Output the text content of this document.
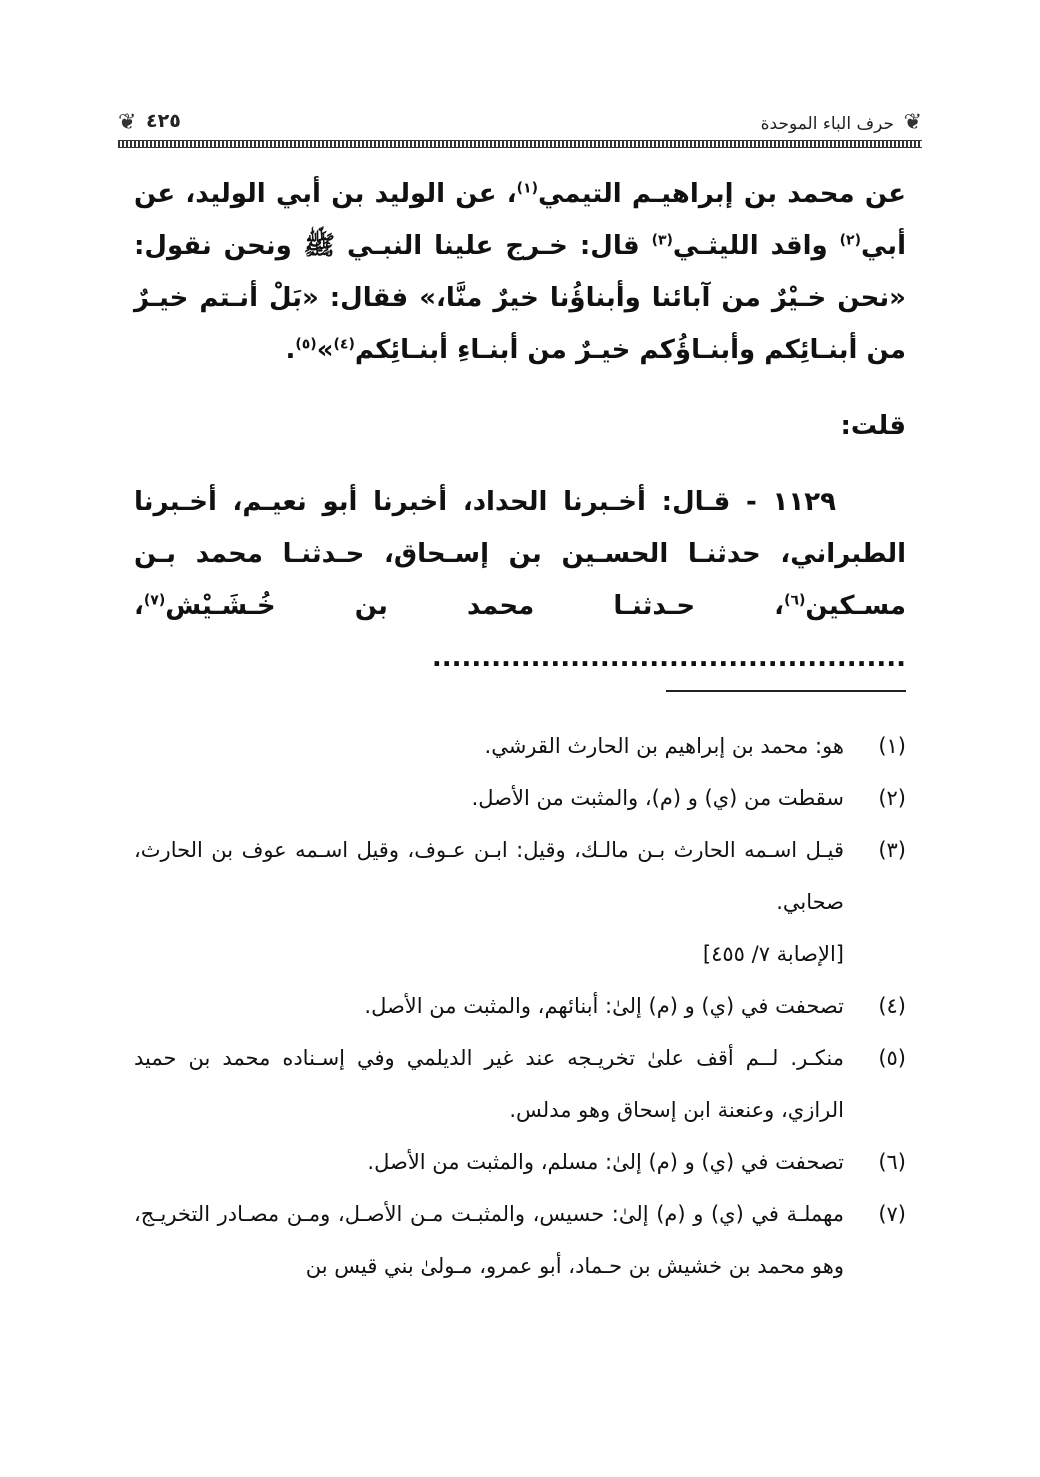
❦
حرف الباء الموحدة
٤٢٥
❦

عن محمد بن إبراهيـم التيمي$^{(١)}$، عن الوليد بن أبي الوليد، عن أبي$^{(٢)}$ واقد الليثـي$^{(٣)}$ قال: خـرج علينا النبـي ﷺ ونحن نقول: «نحن خـيْرٌ من آبائنا وأبناؤُنا خيرٌ منَّا،» فقال: «بَلْ أنـتم خيـرٌ من أبنـائِكم وأبنـاؤُكم خيـرٌ من أبنـاءِ أبنـائِكم$^{(٤)}$»$^{(٥)}$.

قلت:

١١٢٩ - قـال: أخـبرنا الحداد، أخبرنا أبو نعيـم، أخـبرنا الطبراني، حدثنـا الحسـين بن إسـحاق، حـدثنـا محمد بـن مسـكين$^{(٦)}$، حـدثنـا محمد بن خُـشَـيْش$^{(٧)}$، ................................................

(١)
هو: محمد بن إبراهيم بن الحارث القرشي.
(٢)
سقطت من (ي) و (م)، والمثبت من الأصل.
(٣)
قيـل اسـمه الحارث بـن مالـك، وقيل: ابـن عـوف، وقيل اسـمه عوف بن الحارث، صحابي.
[الإصابة ٧/ ٤٥٥]
(٤)
تصحفت في (ي) و (م) إلىٰ: أبنائهم، والمثبت من الأصل.
(٥)
منكـر. لــم أقف علىٰ تخريـجه عند غير الديلمي وفي إسـناده محمد بن حميد الرازي، وعنعنة ابن إسحاق وهو مدلس.
(٦)
تصحفت في (ي) و (م) إلىٰ: مسلم، والمثبت من الأصل.
(٧)
مهملـة في (ي) و (م) إلىٰ: حسيس، والمثبـت مـن الأصـل، ومـن مصـادر التخريـج، وهو محمد بن خشيش بن حـماد، أبو عمرو، مـولىٰ بني قيس بن
